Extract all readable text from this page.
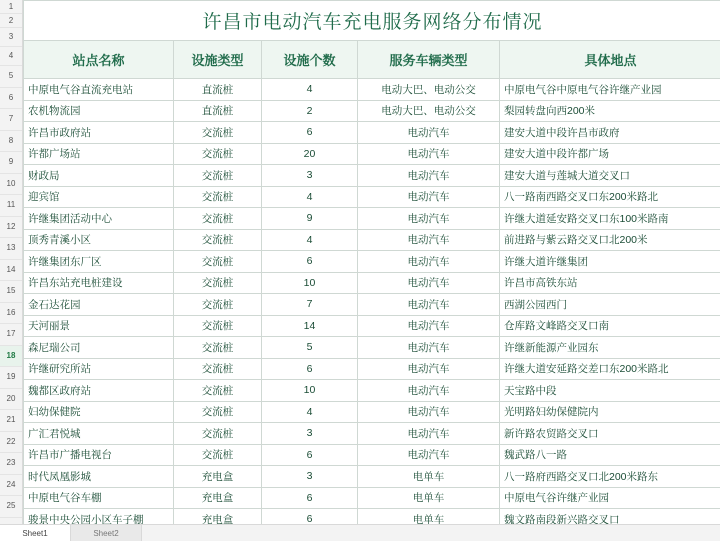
1
2
3
4
5
6
7
8
9
10
11
12
13
14
15
16
17
18
19
20
21
22
23
24
25
许昌市电动汽车充电服务网络分布情况				
站点名称	设施类型	设施个数	服务车辆类型	具体地点
中原电气谷直流充电站	直流桩	4	电动大巴、电动公交	中原电气谷中原电气谷许继产业园
农机物流园	直流桩	2	电动大巴、电动公交	梨园转盘向西200米
许昌市政府站	交流桩	6	电动汽车	建安大道中段许昌市政府
许都广场站	交流桩	20	电动汽车	建安大道中段许都广场
财政局	交流桩	3	电动汽车	建安大道与莲城大道交叉口
迎宾馆	交流桩	4	电动汽车	八一路南西路交叉口东200米路北
许继集团活动中心	交流桩	9	电动汽车	许继大道延安路交叉口东100米路南
顶秀青溪小区	交流桩	4	电动汽车	前进路与紫云路交叉口北200米
许继集团东厂区	交流桩	6	电动汽车	许继大道许继集团
许昌东站充电桩建设	交流桩	10	电动汽车	许昌市高铁东站
金石达花园	交流桩	7	电动汽车	西湖公园西门
天河丽景	交流桩	14	电动汽车	仓库路文峰路交叉口南
森尼瑞公司	交流桩	5	电动汽车	许继新能源产业园东
许继研究所站	交流桩	6	电动汽车	许继大道安延路交差口东200米路北
魏都区政府站	交流桩	10	电动汽车	天宝路中段
妇幼保健院	交流桩	4	电动汽车	光明路妇幼保健院内
广汇君悦城	交流桩	3	电动汽车	新许路农贸路交叉口
许昌市广播电视台	交流桩	6	电动汽车	魏武路八一路
时代凤凰影城	充电盒	3	电单车	八一路府西路交叉口北200米路东
中原电气谷车棚	充电盒	6	电单车	中原电气谷许继产业园
骏景中央公园小区车子棚	充电盒	6	电单车	魏文路南段新兴路交叉口
Sheet1	Sheet2
